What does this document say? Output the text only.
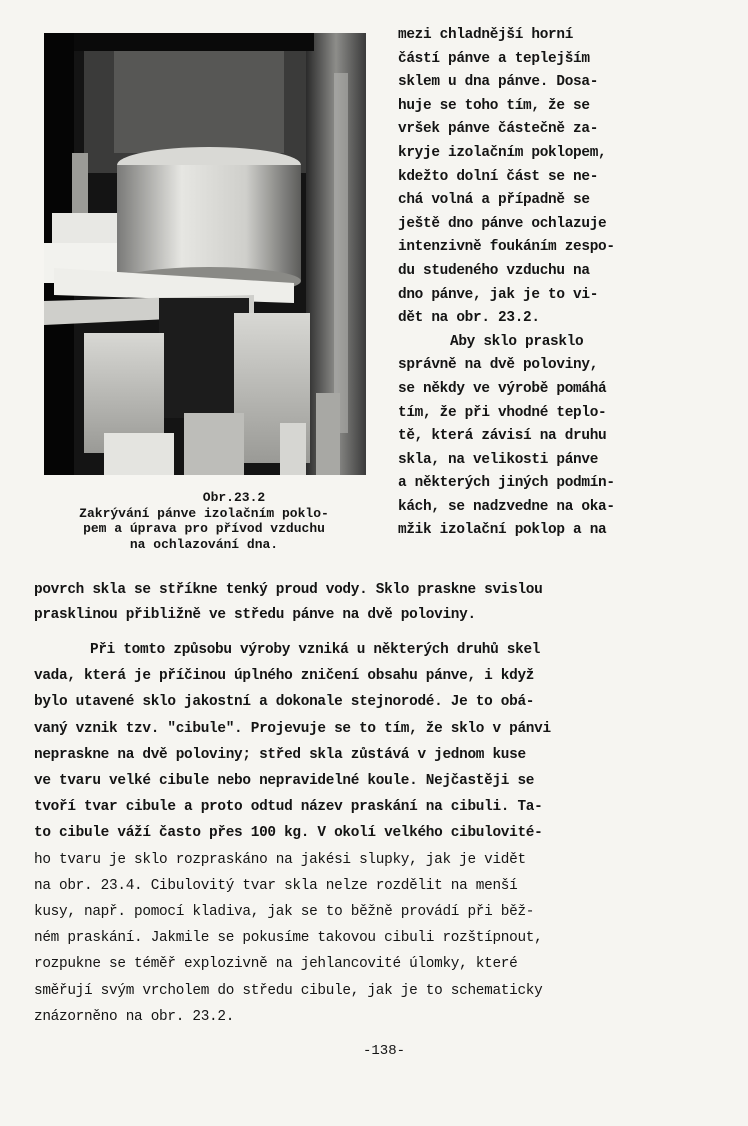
Obr.23.2
Zakrývání pánve izolačním poklo-
pem a úprava pro přívod vzduchu
na ochlazování dna.
mezi chladnější horní
částí pánve a teplejším
sklem u dna pánve. Dosa-
huje se toho tím, že se
vršek pánve částečně za-
kryje izolačním poklopem,
kdežto dolní část se ne-
chá volná a případně se
ještě dno pánve ochlazuje
intenzivně foukáním zespo-
du studeného vzduchu na
dno pánve, jak je to vi-
dět na obr. 23.2.
Aby sklo prasklo
správně na dvě poloviny,
se někdy ve výrobě pomáhá
tím, že při vhodné teplo-
tě, která závisí na druhu
skla, na velikosti pánve
a některých jiných podmín-
kách, se nadzvedne na oka-
mžik izolační poklop a na
povrch skla se stříkne tenký proud vody. Sklo praskne svislou
prasklinou přibližně ve středu pánve na dvě poloviny.
Při tomto způsobu výroby vzniká u některých druhů skel
vada, která je příčinou úplného zničení obsahu pánve, i když
bylo utavené sklo jakostní a dokonale stejnorodé. Je to obá-
vaný vznik tzv. "cibule". Projevuje se to tím, že sklo v pánvi
nepraskne na dvě poloviny; střed skla zůstává v jednom kuse
ve tvaru velké cibule nebo nepravidelné koule. Nejčastěji se
tvoří tvar cibule a proto odtud název praskání na cibuli. Ta-
to cibule váží často přes 100 kg. V okolí velkého cibulovité-
ho tvaru je sklo rozpraskáno na jakési slupky, jak je vidět
na obr. 23.4. Cibulovitý tvar skla nelze rozdělit na menší
kusy, např. pomocí kladiva, jak se to běžně provádí při běž-
ném praskání. Jakmile se pokusíme takovou cibuli rozštípnout,
rozpukne se téměř explozivně na jehlancovité úlomky, které
směřují svým vrcholem do středu cibule, jak je to schematicky
znázorněno na obr. 23.2.
-138-
